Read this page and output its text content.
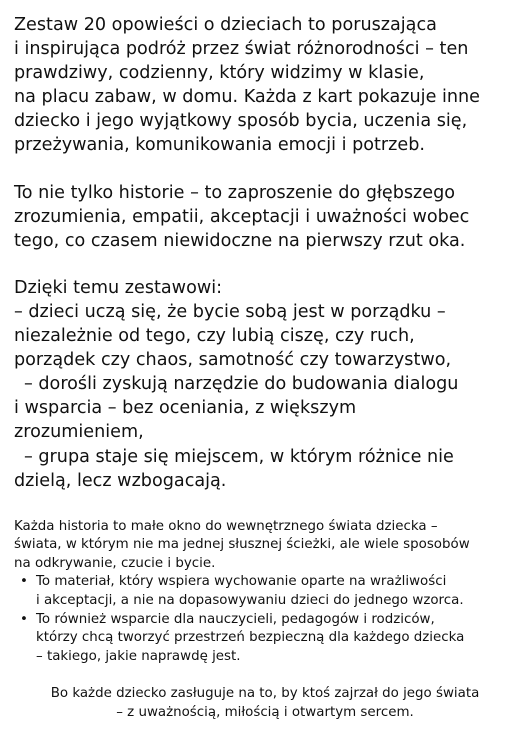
Zestaw 20 opowieści o dzieciach to poruszająca
i inspirująca podróż przez świat różnorodności – ten
prawdziwy, codzienny, który widzimy w klasie,
na placu zabaw, w domu. Każda z kart pokazuje inne
dziecko i jego wyjątkowy sposób bycia, uczenia się,
przeżywania, komunikowania emocji i potrzeb.

To nie tylko historie – to zaproszenie do głębszego
zrozumienia, empatii, akceptacji i uważności wobec
tego, co czasem niewidoczne na pierwszy rzut oka.

Dzięki temu zestawowi:
– dzieci uczą się, że bycie sobą jest w porządku –
niezależnie od tego, czy lubią ciszę, czy ruch,
porządek czy chaos, samotność czy towarzystwo,
– dorośli zyskują narzędzie do budowania dialogu
i wsparcia – bez oceniania, z większym
zrozumieniem,
– grupa staje się miejscem, w którym różnice nie
dzielą, lecz wzbogacają.

Każda historia to małe okno do wewnętrznego świata dziecka –
świata, w którym nie ma jednej słusznej ścieżki, ale wiele sposobów
na odkrywanie, czucie i bycie.

• To materiał, który wspiera wychowanie oparte na wrażliwości
i akceptacji, a nie na dopasowywaniu dzieci do jednego wzorca.
• To również wsparcie dla nauczycieli, pedagogów i rodziców,
którzy chcą tworzyć przestrzeń bezpieczną dla każdego dziecka
– takiego, jakie naprawdę jest.

Bo każde dziecko zasługuje na to, by ktoś zajrzał do jego świata
– z uważnością, miłością i otwartym sercem.
